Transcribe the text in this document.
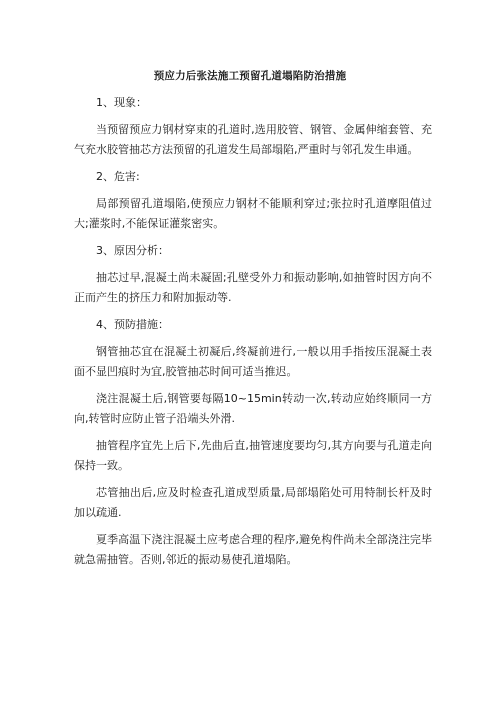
预应力后张法施工预留孔道塌陷防治措施
1、现象：

当预留预应力钢材穿束的孔道时,选用胶管、钢管、金属伸缩套管、充气充水胶管抽芯方法预留的孔道发生局部塌陷,严重时与邻孔发生串通。

2、危害:

局部预留孔道塌陷,使预应力钢材不能顺利穿过;张拉时孔道摩阻值过大;灌浆时,不能保证灌浆密实。

3、原因分析：

抽芯过早,混凝土尚未凝固;孔壁受外力和振动影响,如抽管时因方向不正而产生的挤压力和附加振动等.

4、预防措施：

钢管抽芯宜在混凝土初凝后,终凝前进行,一般以用手指按压混凝土表面不显凹痕时为宜,胶管抽芯时间可适当推迟。

浇注混凝土后,钢管要每隔10~15min转动一次,转动应始终顺同一方向,转管时应防止管子沿端头外滑.

抽管程序宜先上后下,先曲后直,抽管速度要均匀,其方向要与孔道走向保持一致。

芯管抽出后,应及时检查孔道成型质量,局部塌陷处可用特制长杆及时加以疏通.

夏季高温下浇注混凝土应考虑合理的程序,避免构件尚未全部浇注完毕就急需抽管。否则,邻近的振动易使孔道塌陷。
